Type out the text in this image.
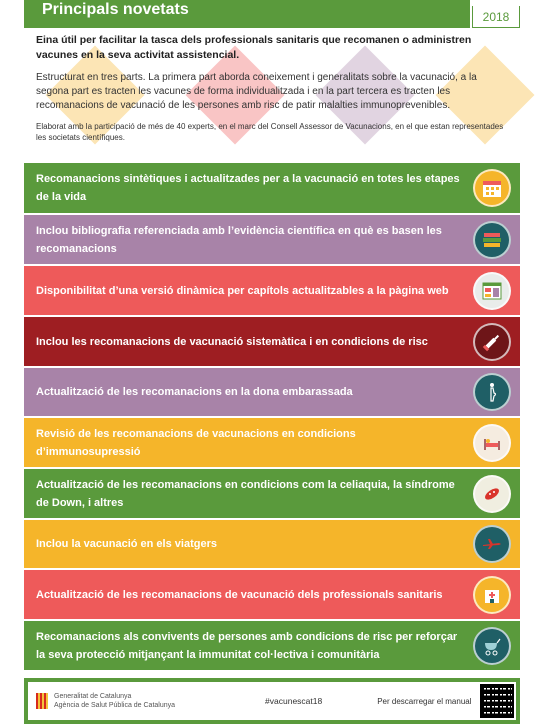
Principals novetats	2018

Eina útil per facilitar la tasca dels professionals sanitaris que recomanen o administren vacunes en la seva activitat assistencial.

Estructurat en tres parts. La primera part aborda coneixement i generalitats sobre la vacunació, a la segona part es tracten les vacunes de forma individualitzada i en la part tercera es tracten les recomanacions de vacunació de les persones amb risc de patir malalties immunoprevenibles.

Elaborat amb la participació de més de 40 experts, en el marc del Consell Assessor de Vacunacions, en el que estan representades les societats científiques.

Recomanacions sintètiques i actualitzades per a la vacunació en totes les etapes de la vida
Inclou bibliografia referenciada amb l’evidència científica en què es basen les recomanacions
Disponibilitat d’una versió dinàmica per capítols actualitzables a la pàgina web
Inclou les recomanacions de vacunació sistemàtica i en condicions de risc
Actualització de les recomanacions en la dona embarassada
Revisió de les recomanacions de vacunacions en condicions d’immunosupressió
Actualització de les recomanacions en condicions com la celiaquia, la síndrome de Down, i altres
Inclou la vacunació en els viatgers
Actualització de les recomanacions de vacunació dels professionals sanitaris
Recomanacions als convivents de persones amb condicions de risc per reforçar la seva protecció mitjançant la immunitat col·lectiva i comunitària
Generalitat de Catalunya
Agència de Salut Pública de Catalunya	#vacunescat18	Per descarregar el manual
